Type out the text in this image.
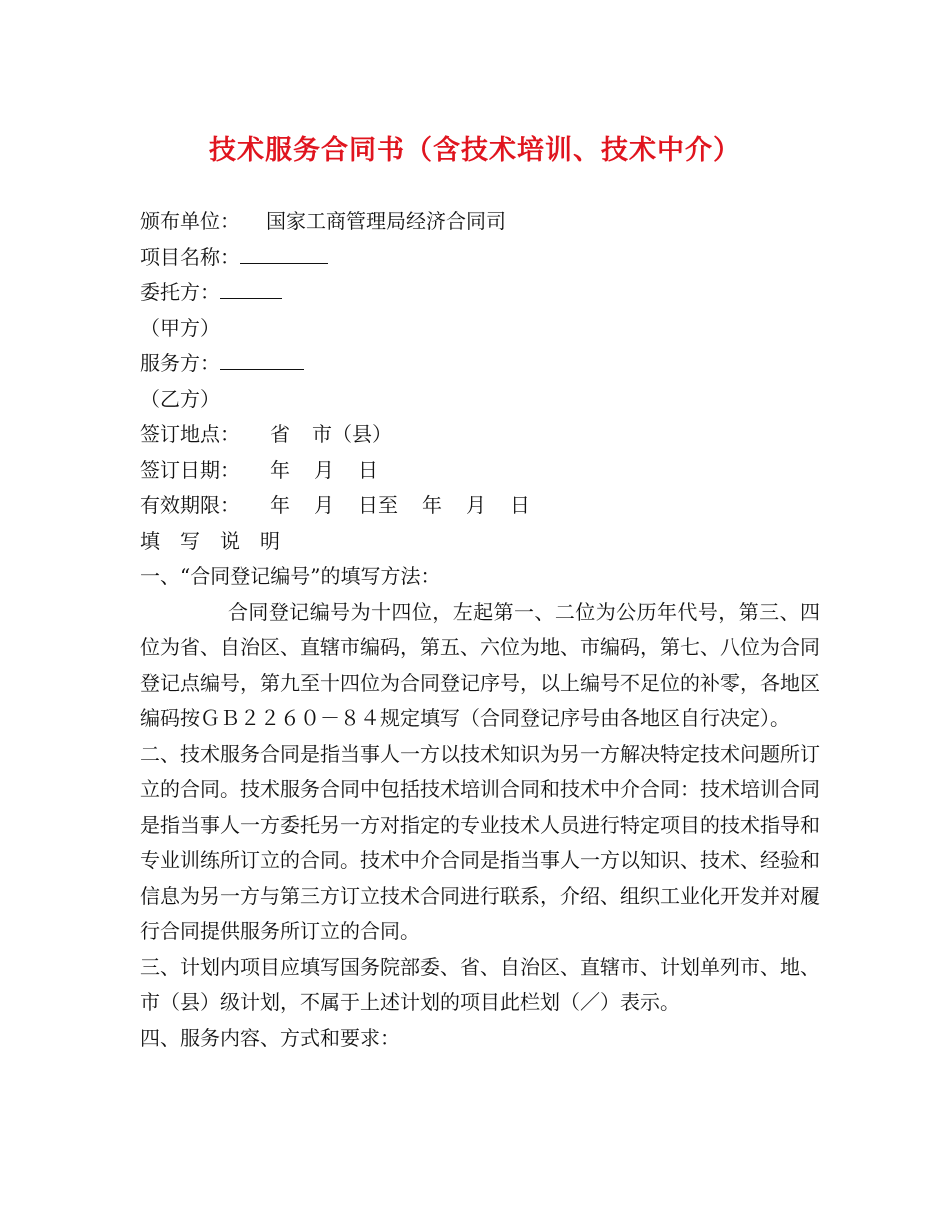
技术服务合同书（含技术培训、技术中介）
颁布单位： 国家工商管理局经济合同司
项目名称：
委托方：
（甲方）
服务方：
（乙方）
签订地点： 省 市（县）
签订日期： 年 月 日
有效期限： 年 月 日至 年 月 日
填　写　说　明
一、“合同登记编号”的填写方法：
合同登记编号为十四位，左起第一、二位为公历年代号，第三、四位为省、自治区、直辖市编码，第五、六位为地、市编码，第七、八位为合同登记点编号，第九至十四位为合同登记序号，以上编号不足位的补零，各地区编码按ＧＢ２２６０－８４规定填写（合同登记序号由各地区自行决定）。
二、技术服务合同是指当事人一方以技术知识为另一方解决特定技术问题所订立的合同。技术服务合同中包括技术培训合同和技术中介合同：技术培训合同是指当事人一方委托另一方对指定的专业技术人员进行特定项目的技术指导和专业训练所订立的合同。技术中介合同是指当事人一方以知识、技术、经验和信息为另一方与第三方订立技术合同进行联系，介绍、组织工业化开发并对履行合同提供服务所订立的合同。
三、计划内项目应填写国务院部委、省、自治区、直辖市、计划单列市、地、市（县）级计划，不属于上述计划的项目此栏划（／）表示。
四、服务内容、方式和要求：
